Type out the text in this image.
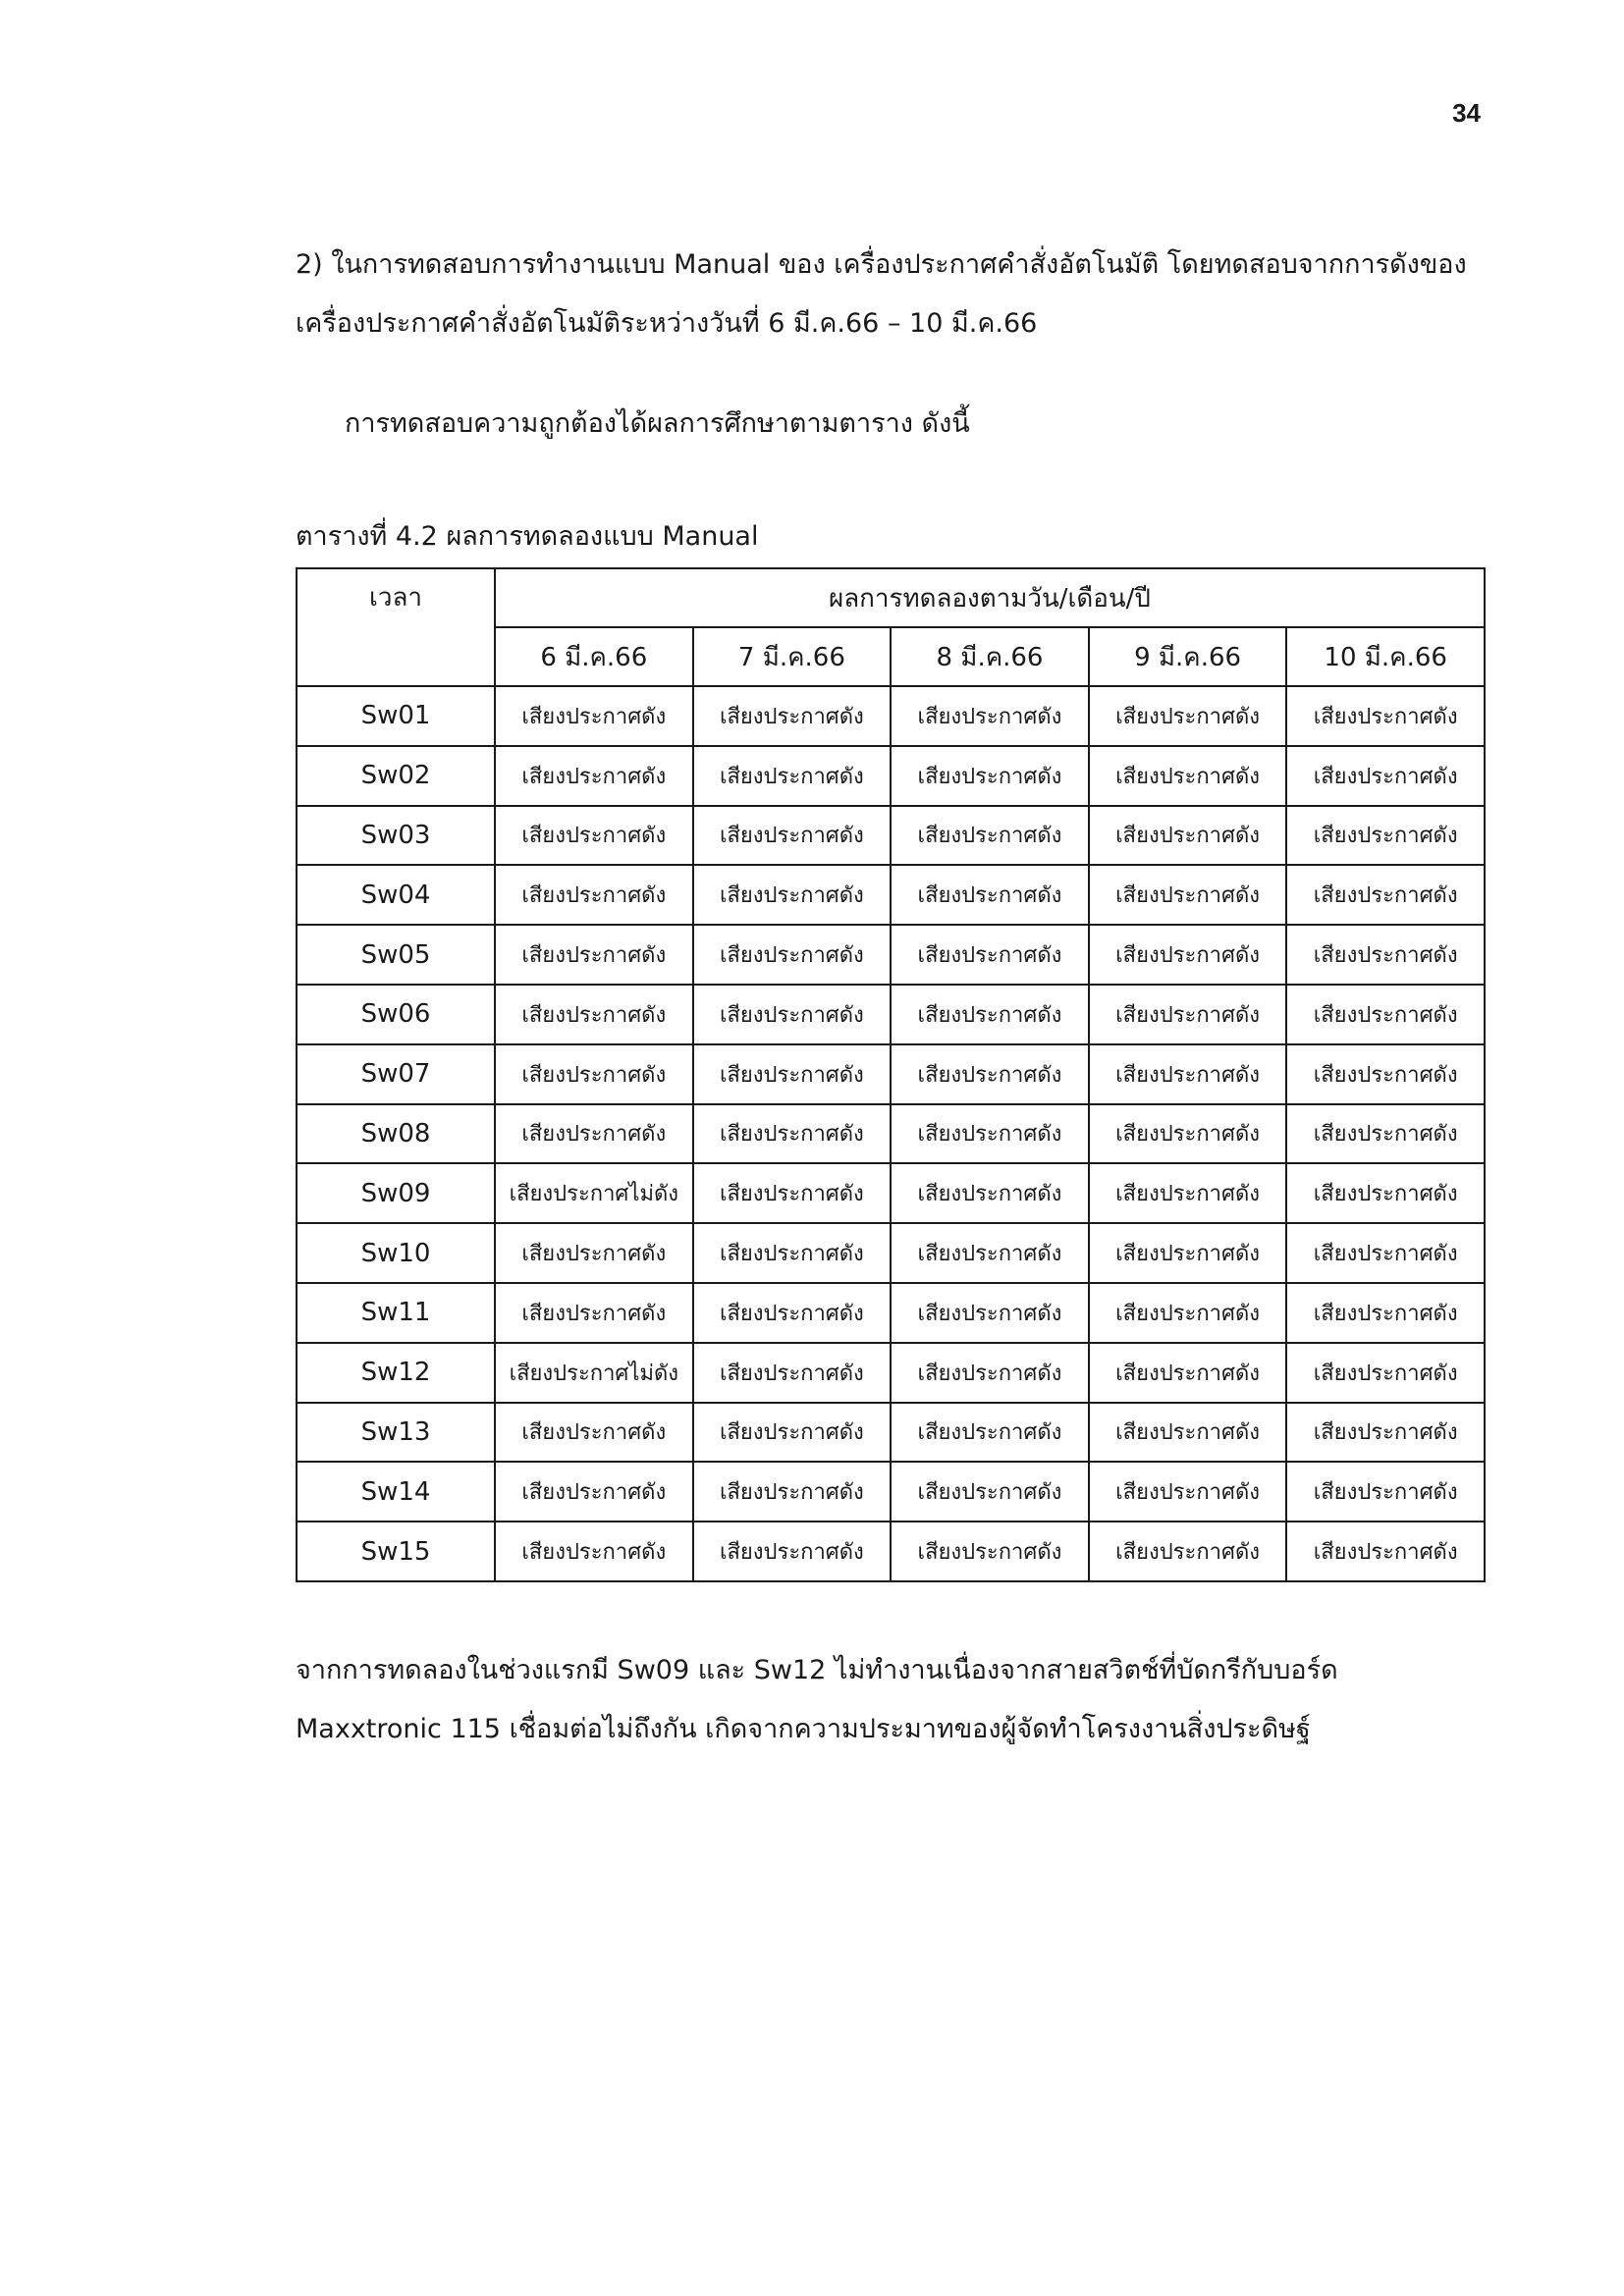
34

2) ในการทดสอบการทำงานแบบ Manual ของ เครื่องประกาศคำสั่งอัตโนมัติ โดยทดสอบจากการดังของเครื่องประกาศคำสั่งอัตโนมัติระหว่างวันที่ 6 มี.ค.66 – 10 มี.ค.66

การทดสอบความถูกต้องได้ผลการศึกษาตามตาราง ดังนี้

ตารางที่ 4.2 ผลการทดลองแบบ Manual

เวลา	ผลการทดลองตามวัน/เดือน/ปี				
	6 มี.ค.66	7 มี.ค.66	8 มี.ค.66	9 มี.ค.66	10 มี.ค.66
Sw01	เสียงประกาศดัง	เสียงประกาศดัง	เสียงประกาศดัง	เสียงประกาศดัง	เสียงประกาศดัง
Sw02	เสียงประกาศดัง	เสียงประกาศดัง	เสียงประกาศดัง	เสียงประกาศดัง	เสียงประกาศดัง
Sw03	เสียงประกาศดัง	เสียงประกาศดัง	เสียงประกาศดัง	เสียงประกาศดัง	เสียงประกาศดัง
Sw04	เสียงประกาศดัง	เสียงประกาศดัง	เสียงประกาศดัง	เสียงประกาศดัง	เสียงประกาศดัง
Sw05	เสียงประกาศดัง	เสียงประกาศดัง	เสียงประกาศดัง	เสียงประกาศดัง	เสียงประกาศดัง
Sw06	เสียงประกาศดัง	เสียงประกาศดัง	เสียงประกาศดัง	เสียงประกาศดัง	เสียงประกาศดัง
Sw07	เสียงประกาศดัง	เสียงประกาศดัง	เสียงประกาศดัง	เสียงประกาศดัง	เสียงประกาศดัง
Sw08	เสียงประกาศดัง	เสียงประกาศดัง	เสียงประกาศดัง	เสียงประกาศดัง	เสียงประกาศดัง
Sw09	เสียงประกาศไม่ดัง	เสียงประกาศดัง	เสียงประกาศดัง	เสียงประกาศดัง	เสียงประกาศดัง
Sw10	เสียงประกาศดัง	เสียงประกาศดัง	เสียงประกาศดัง	เสียงประกาศดัง	เสียงประกาศดัง
Sw11	เสียงประกาศดัง	เสียงประกาศดัง	เสียงประกาศดัง	เสียงประกาศดัง	เสียงประกาศดัง
Sw12	เสียงประกาศไม่ดัง	เสียงประกาศดัง	เสียงประกาศดัง	เสียงประกาศดัง	เสียงประกาศดัง
Sw13	เสียงประกาศดัง	เสียงประกาศดัง	เสียงประกาศดัง	เสียงประกาศดัง	เสียงประกาศดัง
Sw14	เสียงประกาศดัง	เสียงประกาศดัง	เสียงประกาศดัง	เสียงประกาศดัง	เสียงประกาศดัง
Sw15	เสียงประกาศดัง	เสียงประกาศดัง	เสียงประกาศดัง	เสียงประกาศดัง	เสียงประกาศดัง

จากการทดลองในช่วงแรกมี Sw09 และ Sw12 ไม่ทำงานเนื่องจากสายสวิตช์ที่บัดกรีกับบอร์ด Maxxtronic 115 เชื่อมต่อไม่ถึงกัน เกิดจากความประมาทของผู้จัดทำโครงงานสิ่งประดิษฐ์
